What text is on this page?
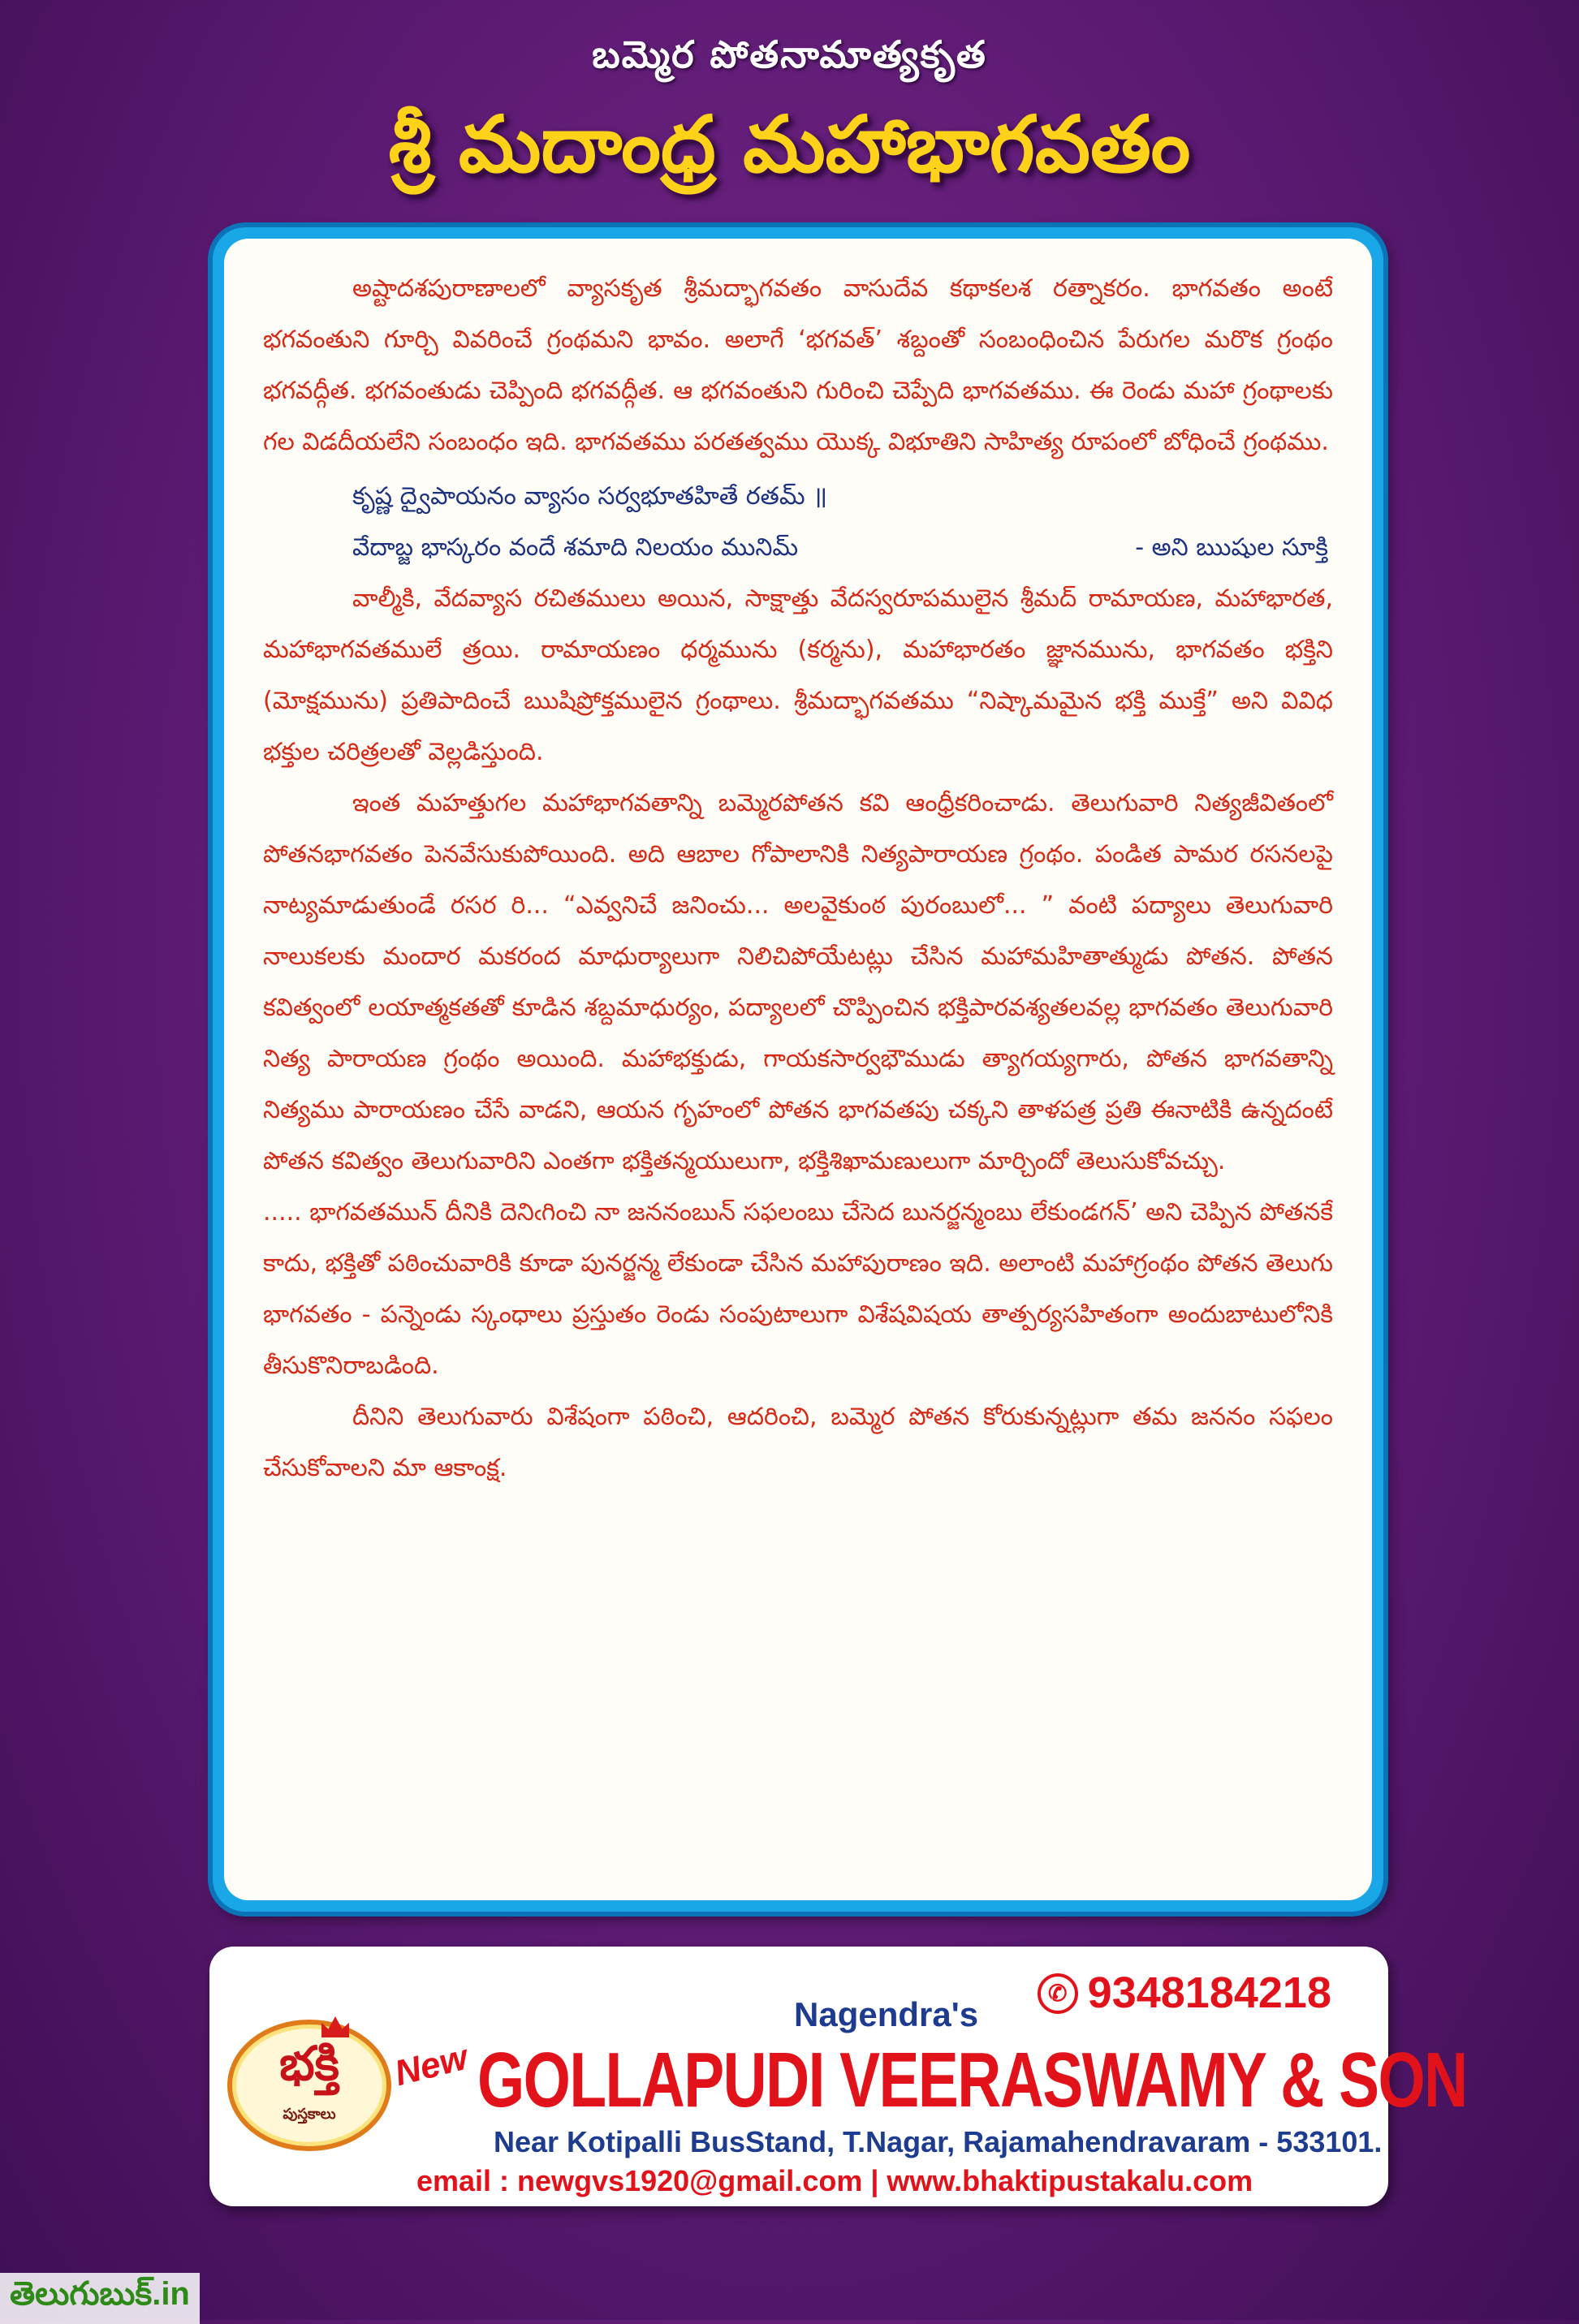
బమ్మెర పోతనామాత్యకృత
శ్రీ మదాంధ్ర మహాభాగవతం

అష్టాదశపురాణాలలో వ్యాసకృత శ్రీమద్భాగవతం వాసుదేవ కథాకలశ రత్నాకరం. భాగవతం అంటే భగవంతుని గూర్చి వివరించే గ్రంథమని భావం. అలాగే ‘భగవత్’ శబ్దంతో సంబంధించిన పేరుగల మరొక గ్రంథం భగవద్గీత. భగవంతుడు చెప్పింది భగవద్గీత. ఆ భగవంతుని గురించి చెప్పేది భాగవతము. ఈ రెండు మహా గ్రంథాలకు గల విడదీయలేని సంబంధం ఇది. భాగవతము పరతత్వము యొక్క విభూతిని సాహిత్య రూపంలో బోధించే గ్రంథము.

కృష్ణ ద్వైపాయనం వ్యాసం సర్వభూతహితే రతమ్ ॥
వేదాబ్జ భాస్కరం వందే శమాది నిలయం మునిమ్	- అని ఋషుల సూక్తి

వాల్మీకి, వేదవ్యాస రచితములు అయిన, సాక్షాత్తు వేదస్వరూపములైన శ్రీమద్ రామాయణ, మహాభారత, మహాభాగవతములే త్రయి. రామాయణం ధర్మమును (కర్మను), మహాభారతం జ్ఞానమును, భాగవతం భక్తిని (మోక్షమును) ప్రతిపాదించే ఋషిప్రోక్తములైన గ్రంథాలు. శ్రీమద్భాగవతము “నిష్కామమైన భక్తి ముక్తే” అని వివిధ భక్తుల చరిత్రలతో వెల్లడిస్తుంది.

ఇంత మహత్తుగల మహాభాగవతాన్ని బమ్మెరపోతన కవి ఆంధ్రీకరించాడు. తెలుగువారి నిత్యజీవితంలో పోతనభాగవతం పెనవేసుకుపోయింది. అది ఆబాల గోపాలానికి నిత్యపారాయణ గ్రంథం. పండిత పామర రసనలపై నాట్యమాడుతుండే రసర రి... “ఎవ్వనిచే జనించు... అలవైకుంఠ పురంబులో... ” వంటి పద్యాలు తెలుగువారి నాలుకలకు మందార మకరంద మాధుర్యాలుగా నిలిచిపోయేటట్లు చేసిన మహామహితాత్ముడు పోతన. పోతన కవిత్వంలో లయాత్మకతతో కూడిన శబ్దమాధుర్యం, పద్యాలలో చొప్పించిన భక్తిపారవశ్యతలవల్ల భాగవతం తెలుగువారి నిత్య పారాయణ గ్రంథం అయింది. మహాభక్తుడు, గాయకసార్వభౌముడు త్యాగయ్యగారు, పోతన భాగవతాన్ని నిత్యము పారాయణం చేసే వాడని, ఆయన గృహంలో పోతన భాగవతపు చక్కని తాళపత్ర ప్రతి ఈనాటికి ఉన్నదంటే పోతన కవిత్వం తెలుగువారిని ఎంతగా భక్తితన్మయులుగా, భక్తిశిఖామణులుగా మార్చిందో తెలుసుకోవచ్చు.

..... భాగవతమున్ దీనికి దెనిఁగించి నా జననంబున్ సఫలంబు చేసెద బునర్జన్మంబు లేకుండగన్’ అని చెప్పిన పోతనకే కాదు, భక్తితో పఠించువారికి కూడా పునర్జన్మ లేకుండా చేసిన మహాపురాణం ఇది. అలాంటి మహాగ్రంథం పోతన తెలుగు భాగవతం - పన్నెండు స్కంధాలు ప్రస్తుతం రెండు సంపుటాలుగా విశేషవిషయ తాత్పర్యసహితంగా అందుబాటులోనికి తీసుకొనిరాబడింది.

దీనిని తెలుగువారు విశేషంగా పఠించి, ఆదరించి, బమ్మెర పోతన కోరుకున్నట్లుగా తమ జననం సఫలం చేసుకోవాలని మా ఆకాంక్ష.

భక్తి
పుస్తకాలు
✆ 9348184218
Nagendra's
New GOLLAPUDI VEERASWAMY & SON
Near Kotipalli BusStand, T.Nagar, Rajamahendravaram - 533101.
email : newgvs1920@gmail.com | www.bhaktipustakalu.com
తెలుగుబుక్.in
